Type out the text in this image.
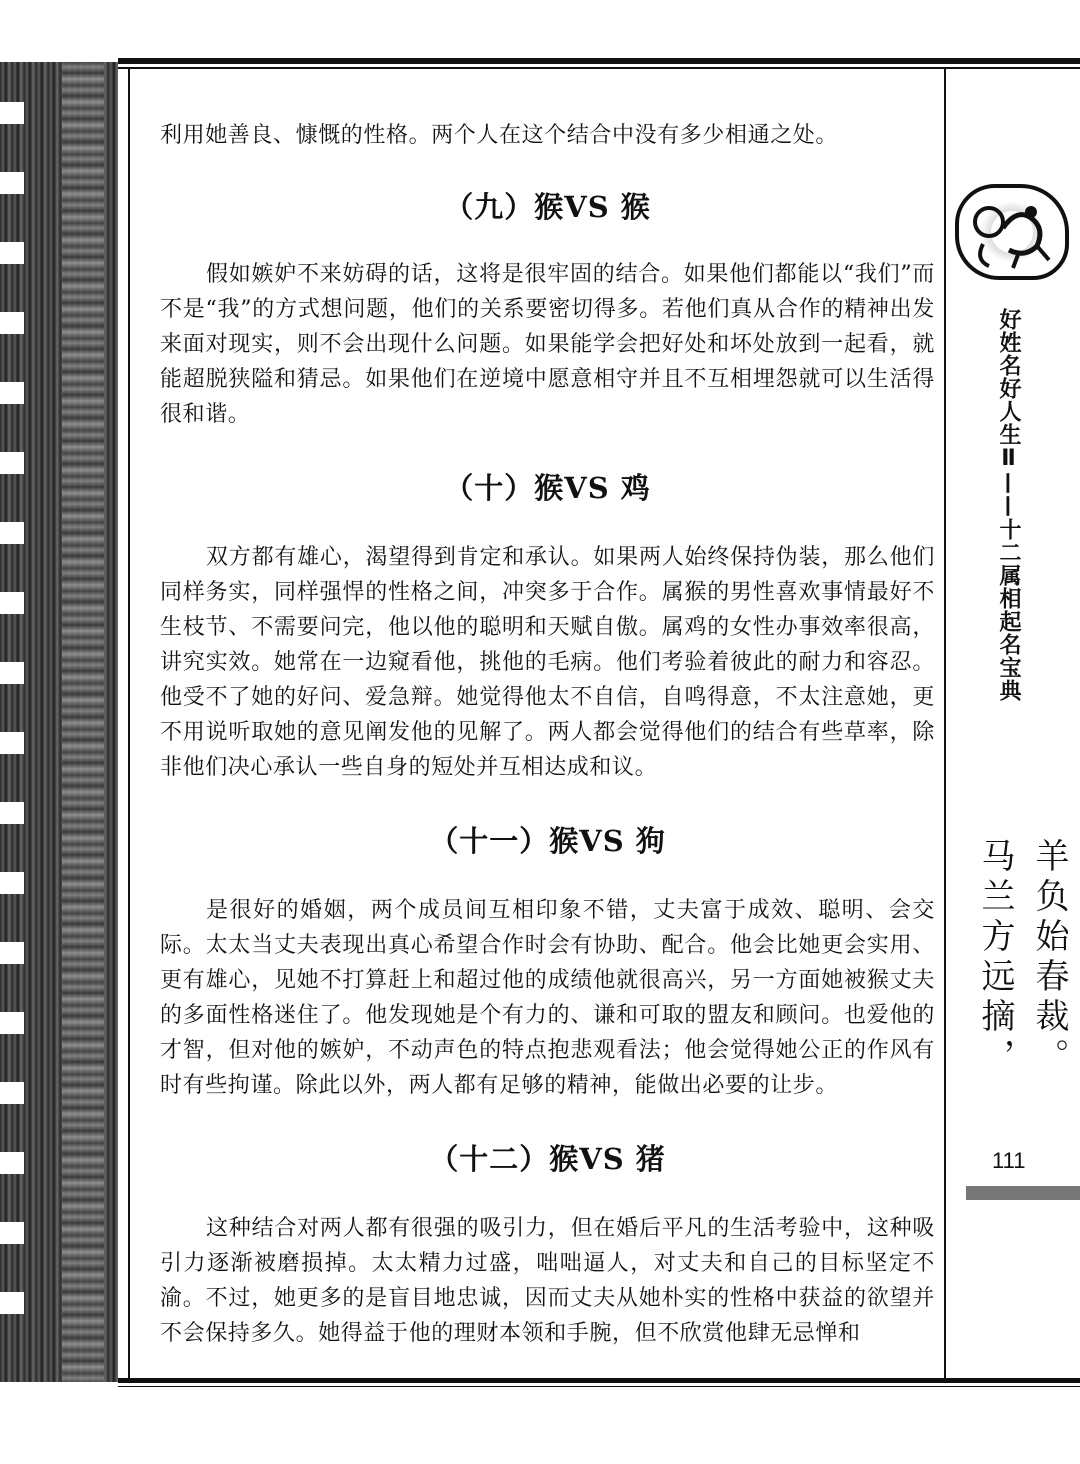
利用她善良、慷慨的性格。两个人在这个结合中没有多少相通之处。

（九）猴VS 猴

假如嫉妒不来妨碍的话，这将是很牢固的结合。如果他们都能以“我们”而不是“我”的方式想问题，他们的关系要密切得多。若他们真从合作的精神出发来面对现实，则不会出现什么问题。如果能学会把好处和坏处放到一起看，就能超脱狭隘和猜忌。如果他们在逆境中愿意相守并且不互相埋怨就可以生活得很和谐。

（十）猴VS 鸡

双方都有雄心，渴望得到肯定和承认。如果两人始终保持伪装，那么他们同样务实，同样强悍的性格之间，冲突多于合作。属猴的男性喜欢事情最好不生枝节、不需要问完，他以他的聪明和天赋自傲。属鸡的女性办事效率很高，讲究实效。她常在一边窥看他，挑他的毛病。他们考验着彼此的耐力和容忍。他受不了她的好问、爱急辩。她觉得他太不自信，自鸣得意，不太注意她，更不用说听取她的意见阐发他的见解了。两人都会觉得他们的结合有些草率，除非他们决心承认一些自身的短处并互相达成和议。

（十一）猴VS 狗

是很好的婚姻，两个成员间互相印象不错，丈夫富于成效、聪明、会交际。太太当丈夫表现出真心希望合作时会有协助、配合。他会比她更会实用、更有雄心，见她不打算赶上和超过他的成绩他就很高兴，另一方面她被猴丈夫的多面性格迷住了。他发现她是个有力的、谦和可取的盟友和顾问。也爱他的才智，但对他的嫉妒，不动声色的特点抱悲观看法；他会觉得她公正的作风有时有些拘谨。除此以外，两人都有足够的精神，能做出必要的让步。

（十二）猴VS 猪

这种结合对两人都有很强的吸引力，但在婚后平凡的生活考验中，这种吸引力逐渐被磨损掉。太太精力过盛，咄咄逼人，对丈夫和自己的目标坚定不渝。不过，她更多的是盲目地忠诚，因而丈夫从她朴实的性格中获益的欲望并不会保持多久。她得益于他的理财本领和手腕，但不欣赏他肆无忌惮和

好姓名好人生Ⅱ——十二属相起名宝典
羊负始春裁。
马兰方远摘，
111
